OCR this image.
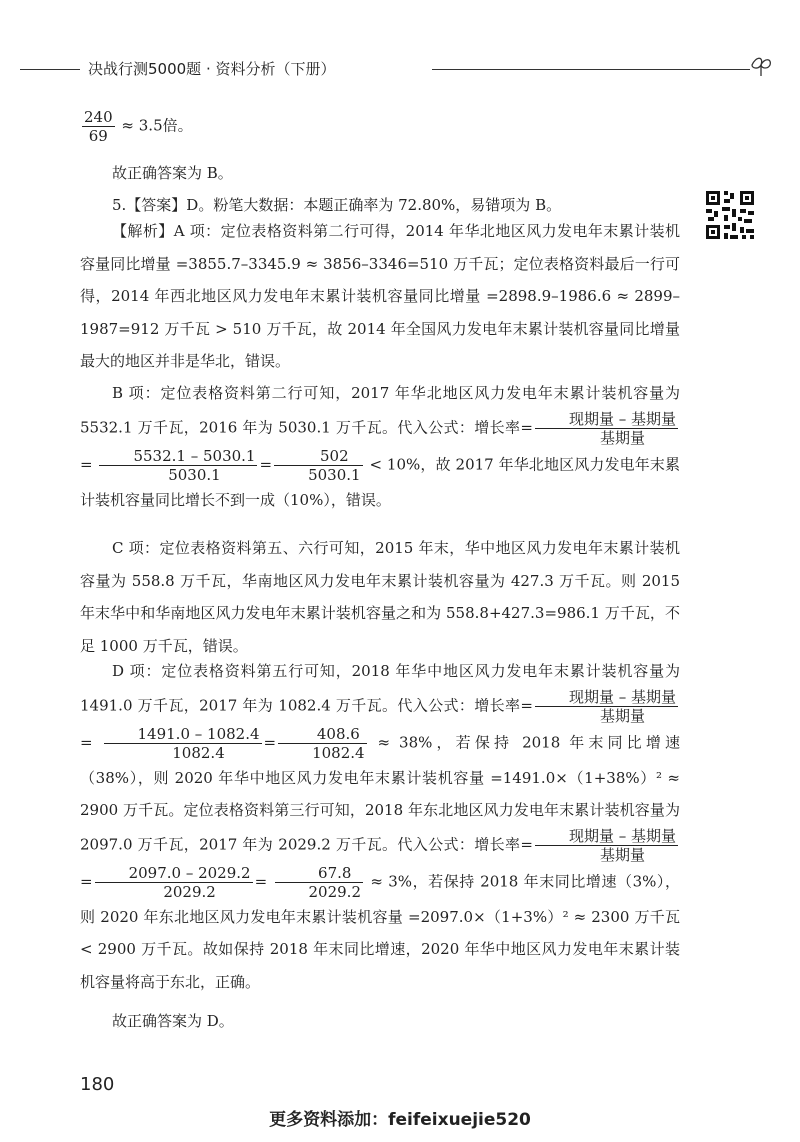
决战行测5000题 · 资料分析（下册）
$\frac{240}{69} \approx 3.5$倍。
故正确答案为 B。
5.【答案】D。粉笔大数据：本题正确率为 72.80%，易错项为 B。
【解析】A 项：定位表格资料第二行可得，2014 年华北地区风力发电年末累计装机容量同比增量 =3855.7–3345.9 ≈ 3856–3346=510 万千瓦；定位表格资料最后一行可得，2014 年西北地区风力发电年末累计装机容量同比增量 =2898.9–1986.6 ≈ 2899–1987=912 万千瓦 > 510 万千瓦，故 2014 年全国风力发电年末累计装机容量同比增量最大的地区并非是华北，错误。
B 项：定位表格资料第二行可知，2017 年华北地区风力发电年末累计装机容量为 5532.1 万千瓦，2016 年为 5030.1 万千瓦。代入公式：增长率= $\frac{\text{现期量 – 基期量}}{\text{基期量}}$
= $\frac{5532.1 - 5030.1}{5030.1} = \frac{502}{5030.1} < 10\%$，故 2017 年华北地区风力发电年末累计装机容量同比增长不到一成（10%），错误。
C 项：定位表格资料第五、六行可知，2015 年末，华中地区风力发电年末累计装机容量为 558.8 万千瓦，华南地区风力发电年末累计装机容量为 427.3 万千瓦。则 2015 年末华中和华南地区风力发电年末累计装机容量之和为 558.8+427.3=986.1 万千瓦，不足 1000 万千瓦，错误。
D 项：定位表格资料第五行可知，2018 年华中地区风力发电年末累计装机容量为 1491.0 万千瓦，2017 年为 1082.4 万千瓦。代入公式：增长率= $\frac{\text{现期量 – 基期量}}{\text{基期量}}$
= $\frac{1491.0 - 1082.4}{1082.4} = \frac{408.6}{1082.4} \approx 38\%$，若保持 2018 年末同比增速（38%），则 2020 年华中地区风力发电年末累计装机容量 =1491.0×（1+38%）² ≈ 2900 万千瓦。定位表格资料第三行可知，2018 年东北地区风力发电年末累计装机容量为 2097.0 万千瓦，2017 年为 2029.2 万千瓦。代入公式：增长率= $\frac{\text{现期量 – 基期量}}{\text{基期量}}$
= $\frac{2097.0 - 2029.2}{2029.2} = \frac{67.8}{2029.2} \approx 3\%$，若保持 2018 年末同比增速（3%），则 2020 年东北地区风力发电年末累计装机容量 =2097.0×（1+3%）² ≈ 2300 万千瓦 < 2900 万千瓦。故如保持 2018 年末同比增速，2020 年华中地区风力发电年末累计装机容量将高于东北，正确。
故正确答案为 D。
180
更多资料添加：feifeixuejie520
